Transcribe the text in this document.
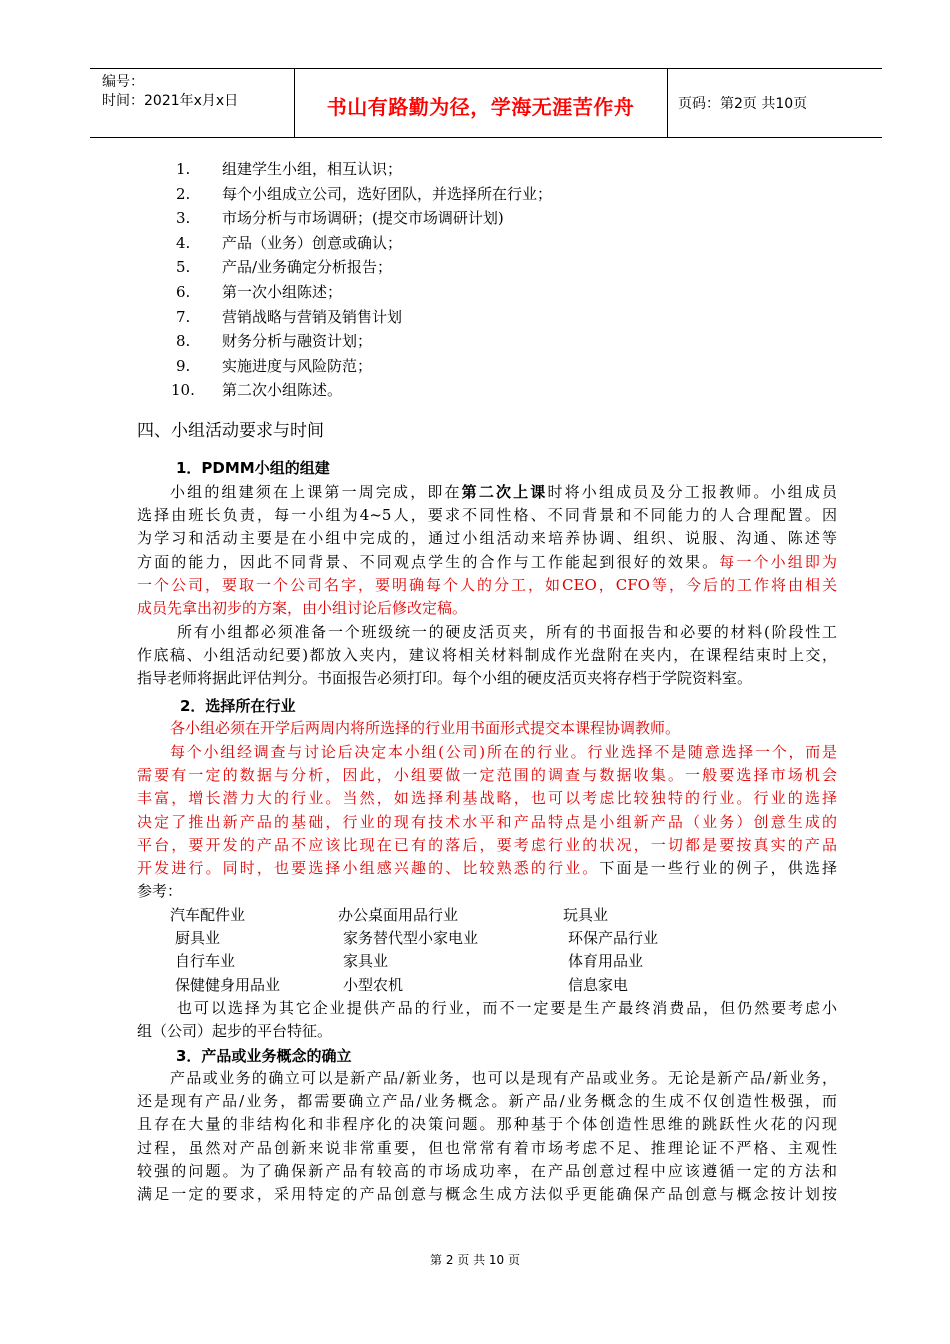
编号：
时间：2021年x月x日	书山有路勤为径，学海无涯苦作舟	页码：第2页 共10页
1. 组建学生小组，相互认识；
2. 每个小组成立公司，选好团队，并选择所在行业；
3. 市场分析与市场调研；(提交市场调研计划)
4. 产品（业务）创意或确认；
5. 产品/业务确定分析报告；
6. 第一次小组陈述；
7. 营销战略与营销及销售计划
8. 财务分析与融资计划；
9. 实施进度与风险防范；
10. 第二次小组陈述。
四、小组活动要求与时间
1．PDMM小组的组建
小组的组建须在上课第一周完成，即在第二次上课时将小组成员及分工报教师。小组成员
选择由班长负责，每一小组为4~5人，要求不同性格、不同背景和不同能力的人合理配置。因
为学习和活动主要是在小组中完成的，通过小组活动来培养协调、组织、说服、沟通、陈述等
方面的能力，因此不同背景、不同观点学生的合作与工作能起到很好的效果。每一个小组即为
一个公司，要取一个公司名字，要明确每个人的分工，如CEO，CFO等，今后的工作将由相关
成员先拿出初步的方案，由小组讨论后修改定稿。
所有小组都必须准备一个班级统一的硬皮活页夹，所有的书面报告和必要的材料(阶段性工
作底稿、小组活动纪要)都放入夹内，建议将相关材料制成作光盘附在夹内，在课程结束时上交，
指导老师将据此评估判分。书面报告必须打印。每个小组的硬皮活页夹将存档于学院资料室。
2．选择所在行业
各小组必须在开学后两周内将所选择的行业用书面形式提交本课程协调教师。
每个小组经调查与讨论后决定本小组(公司)所在的行业。行业选择不是随意选择一个，而是
需要有一定的数据与分析，因此，小组要做一定范围的调查与数据收集。一般要选择市场机会
丰富，增长潜力大的行业。当然，如选择利基战略，也可以考虑比较独特的行业。行业的选择
决定了推出新产品的基础，行业的现有技术水平和产品特点是小组新产品（业务）创意生成的
平台，要开发的产品不应该比现在已有的落后，要考虑行业的状况，一切都是要按真实的产品
开发进行。同时，也要选择小组感兴趣的、比较熟悉的行业。下面是一些行业的例子，供选择
参考：
汽车配件业	办公桌面用品行业	玩具业
厨具业	家务替代型小家电业	环保产品行业
自行车业	家具业	体育用品业
保健健身用品业	小型农机	信息家电
也可以选择为其它企业提供产品的行业，而不一定要是生产最终消费品，但仍然要考虑小
组（公司）起步的平台特征。
3．产品或业务概念的确立
产品或业务的确立可以是新产品/新业务，也可以是现有产品或业务。无论是新产品/新业务，
还是现有产品/业务，都需要确立产品/业务概念。新产品/业务概念的生成不仅创造性极强，而
且存在大量的非结构化和非程序化的决策问题。那种基于个体创造性思维的跳跃性火花的闪现
过程，虽然对产品创新来说非常重要，但也常常有着市场考虑不足、推理论证不严格、主观性
较强的问题。为了确保新产品有较高的市场成功率，在产品创意过程中应该遵循一定的方法和
满足一定的要求，采用特定的产品创意与概念生成方法似乎更能确保产品创意与概念按计划按
第 2 页 共 10 页
